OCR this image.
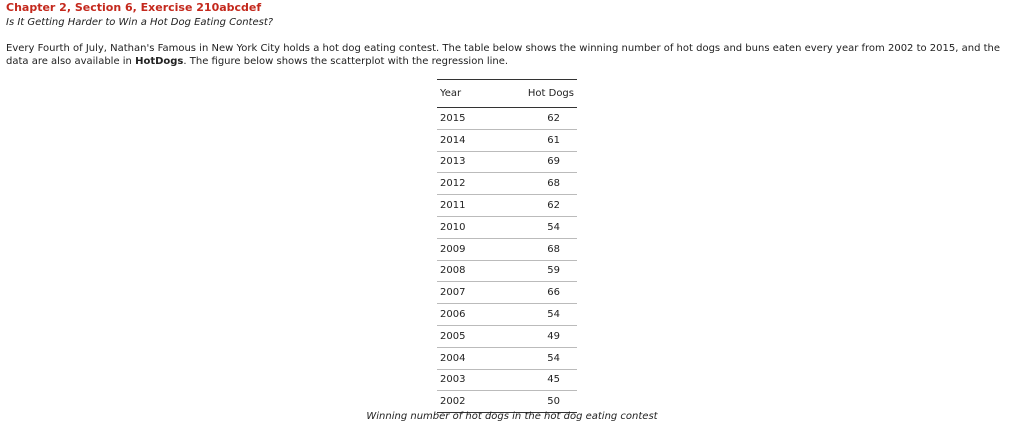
Chapter 2, Section 6, Exercise 210abcdef
Is It Getting Harder to Win a Hot Dog Eating Contest?
Every Fourth of July, Nathan's Famous in New York City holds a hot dog eating contest. The table below shows the winning number of hot dogs and buns eaten every year from 2002 to 2015, and the data are also available in HotDogs. The figure below shows the scatterplot with the regression line.
Year	Hot Dogs
2015	62
2014	61
2013	69
2012	68
2011	62
2010	54
2009	68
2008	59
2007	66
2006	54
2005	49
2004	54
2003	45
2002	50
Winning number of hot dogs in the hot dog eating contest
